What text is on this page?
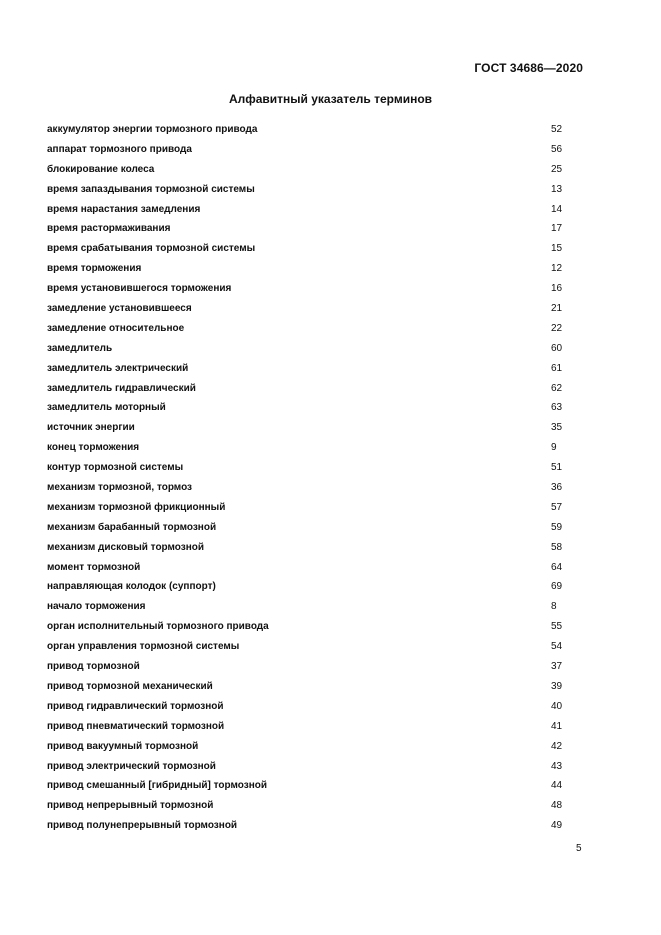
ГОСТ 34686—2020
Алфавитный указатель терминов
аккумулятор энергии тормозного привода	52
аппарат тормозного привода	56
блокирование колеса	25
время запаздывания тормозной системы	13
время нарастания замедления	14
время растормаживания	17
время срабатывания тормозной системы	15
время торможения	12
время установившегося торможения	16
замедление установившееся	21
замедление относительное	22
замедлитель	60
замедлитель электрический	61
замедлитель гидравлический	62
замедлитель моторный	63
источник энергии	35
конец торможения	9
контур тормозной системы	51
механизм тормозной, тормоз	36
механизм тормозной фрикционный	57
механизм барабанный тормозной	59
механизм дисковый тормозной	58
момент тормозной	64
направляющая колодок (суппорт)	69
начало торможения	8
орган исполнительный тормозного привода	55
орган управления тормозной системы	54
привод тормозной	37
привод тормозной механический	39
привод гидравлический тормозной	40
привод пневматический тормозной	41
привод вакуумный тормозной	42
привод электрический тормозной	43
привод смешанный [гибридный] тормозной	44
привод непрерывный тормозной	48
привод полунепрерывный тормозной	49
5
